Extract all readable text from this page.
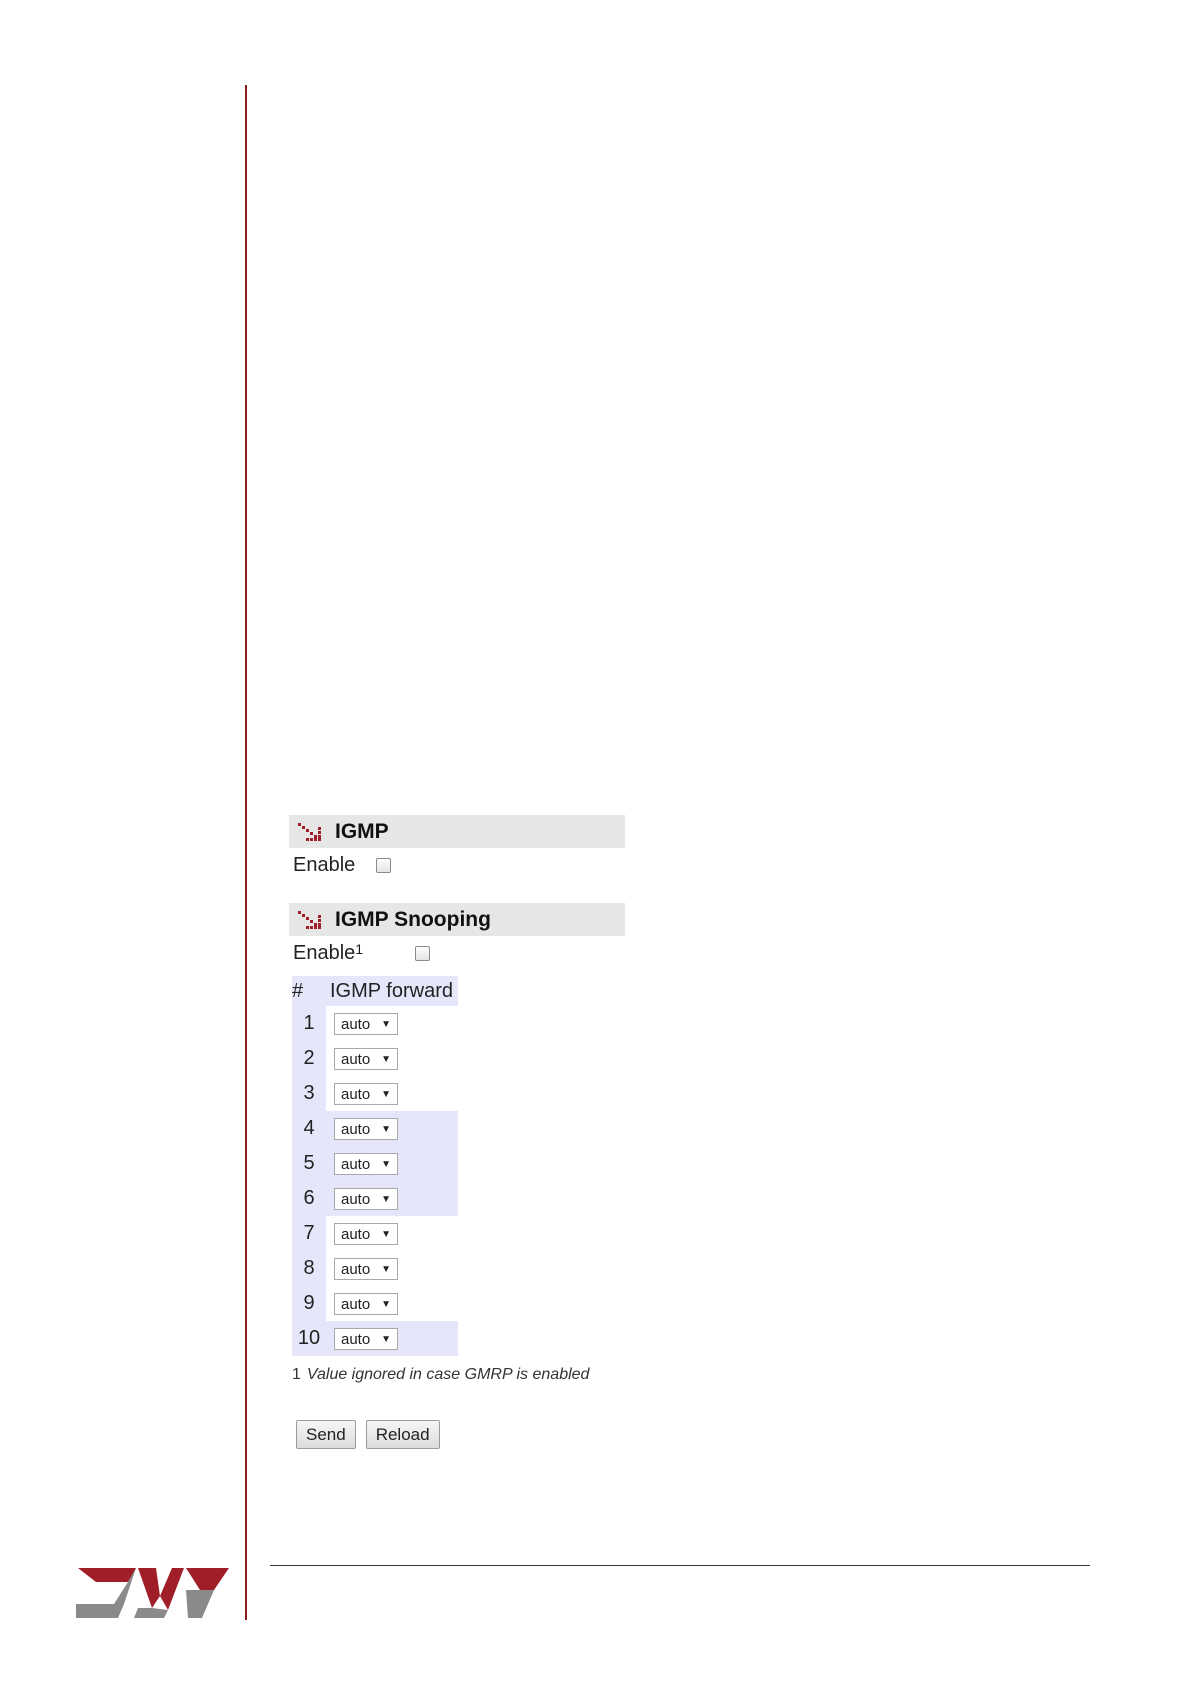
IGMP
Enable
IGMP Snooping
Enable$^1$
#	IGMP forward
1	auto ▼

2	auto ▼

3	auto ▼

4	auto ▼

5	auto ▼

6	auto ▼

7	auto ▼

8	auto ▼

9	auto ▼

10	auto ▼
1 Value ignored in case GMRP is enabled
Send	Reload
